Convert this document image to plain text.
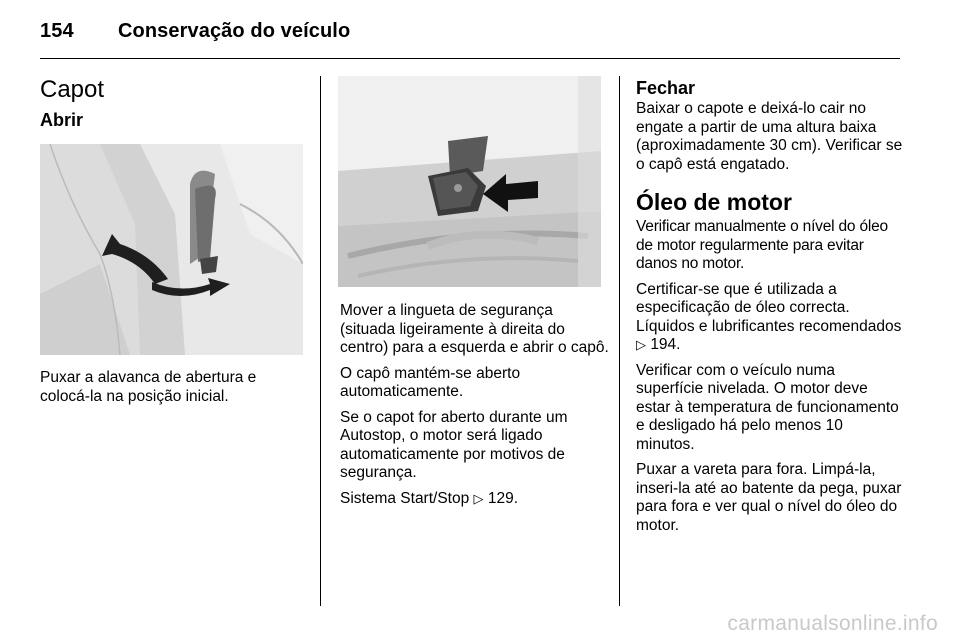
154 Conservação do veículo
Capot
Abrir

Puxar a alavanca de abertura e colocá-la na posição inicial.

Mover a lingueta de segurança (situada ligeiramente à direita do centro) para a esquerda e abrir o capô.

O capô mantém-se aberto automaticamente.

Se o capot for aberto durante um Autostop, o motor será ligado automaticamente por motivos de segurança.

Sistema Start/Stop ▷ 129.

Fechar

Baixar o capote e deixá-lo cair no engate a partir de uma altura baixa (aproximadamente 30 cm). Verificar se o capô está engatado.

Óleo de motor

Verificar manualmente o nível do óleo de motor regularmente para evitar danos no motor.

Certificar-se que é utilizada a especificação de óleo correcta. Líquidos e lubrificantes recomendados ▷ 194.

Verificar com o veículo numa superfície nivelada. O motor deve estar à temperatura de funcionamento e desligado há pelo menos 10 minutos.

Puxar a vareta para fora. Limpá-la, inseri-la até ao batente da pega, puxar para fora e ver qual o nível do óleo do motor.

carmanualsonline.info
